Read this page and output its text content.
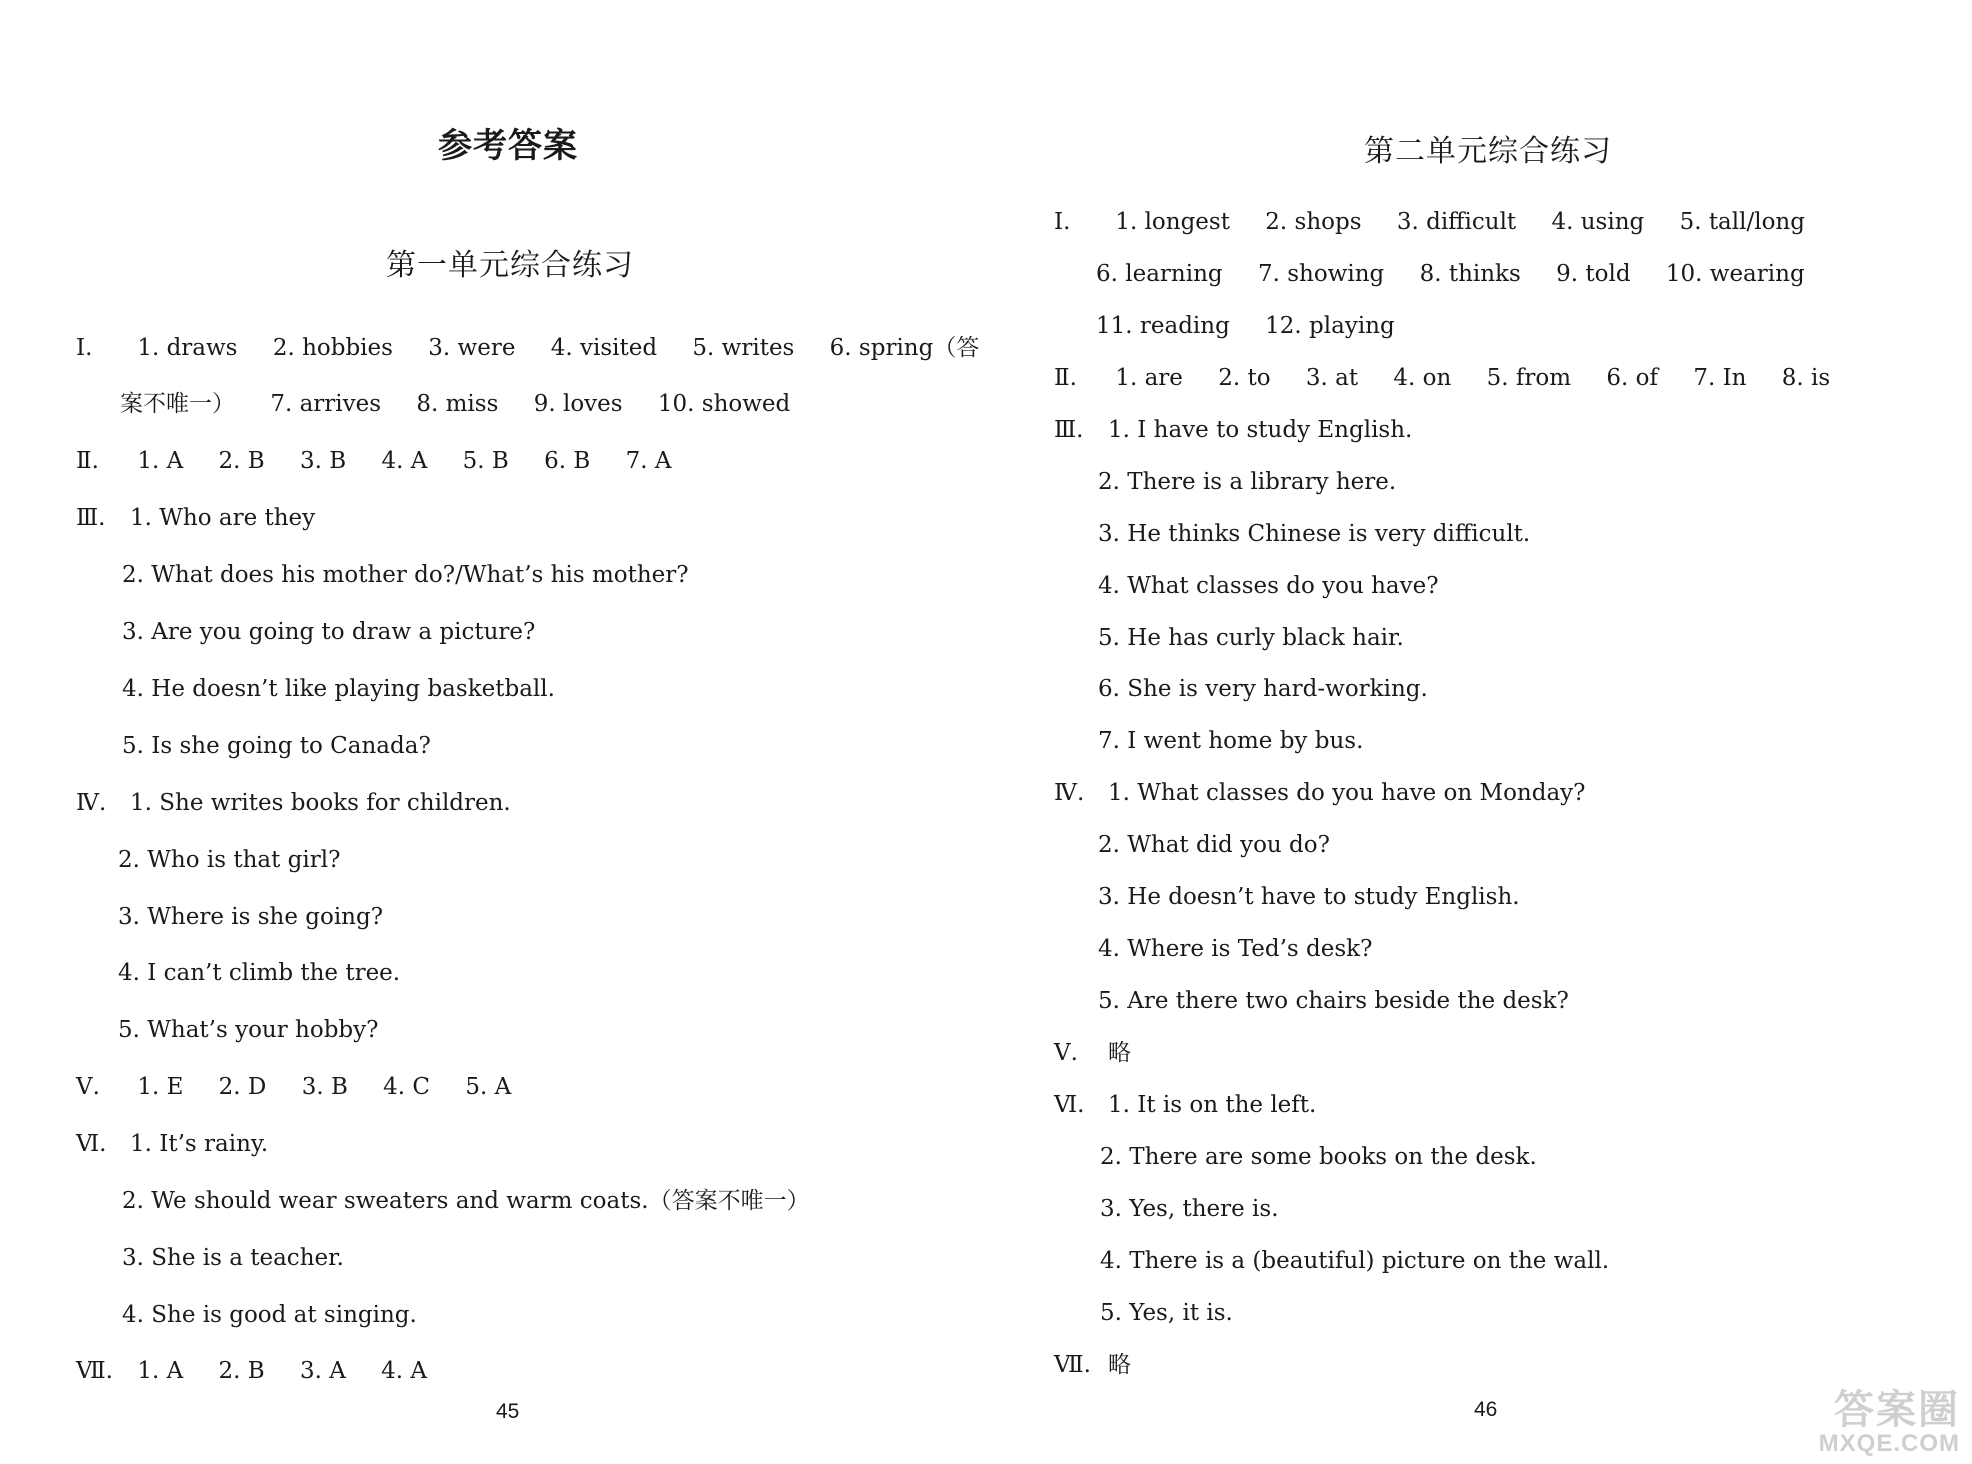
参考答案
第一单元综合练习
Ⅰ. 1. draws 2. hobbies 3. were 4. visited 5. writes 6. spring（答
案不唯一） 7. arrives 8. miss 9. loves 10. showed
Ⅱ. 1. A 2. B 3. B 4. A 5. B 6. B 7. A
Ⅲ. 1. Who are they
2. What does his mother do?/What’s his mother?
3. Are you going to draw a picture?
4. He doesn’t like playing basketball.
5. Is she going to Canada?
Ⅳ. 1. She writes books for children.
2. Who is that girl?
3. Where is she going?
4. I can’t climb the tree.
5. What’s your hobby?
Ⅴ. 1. E 2. D 3. B 4. C 5. A
Ⅵ. 1. It’s rainy.
2. We should wear sweaters and warm coats.（答案不唯一）
3. She is a teacher.
4. She is good at singing.
Ⅶ. 1. A 2. B 3. A 4. A
45
第二单元综合练习
Ⅰ. 1. longest 2. shops 3. difficult 4. using 5. tall/long
6. learning 7. showing 8. thinks 9. told 10. wearing
11. reading 12. playing
Ⅱ. 1. are 2. to 3. at 4. on 5. from 6. of 7. In 8. is
Ⅲ. 1. I have to study English.
2. There is a library here.
3. He thinks Chinese is very difficult.
4. What classes do you have?
5. He has curly black hair.
6. She is very hard-working.
7. I went home by bus.
Ⅳ. 1. What classes do you have on Monday?
2. What did you do?
3. He doesn’t have to study English.
4. Where is Ted’s desk?
5. Are there two chairs beside the desk?
Ⅴ. 略
Ⅵ. 1. It is on the left.
2. There are some books on the desk.
3. Yes, there is.
4. There is a (beautiful) picture on the wall.
5. Yes, it is.
Ⅶ. 略
46	答案圈
MXQE.COM
